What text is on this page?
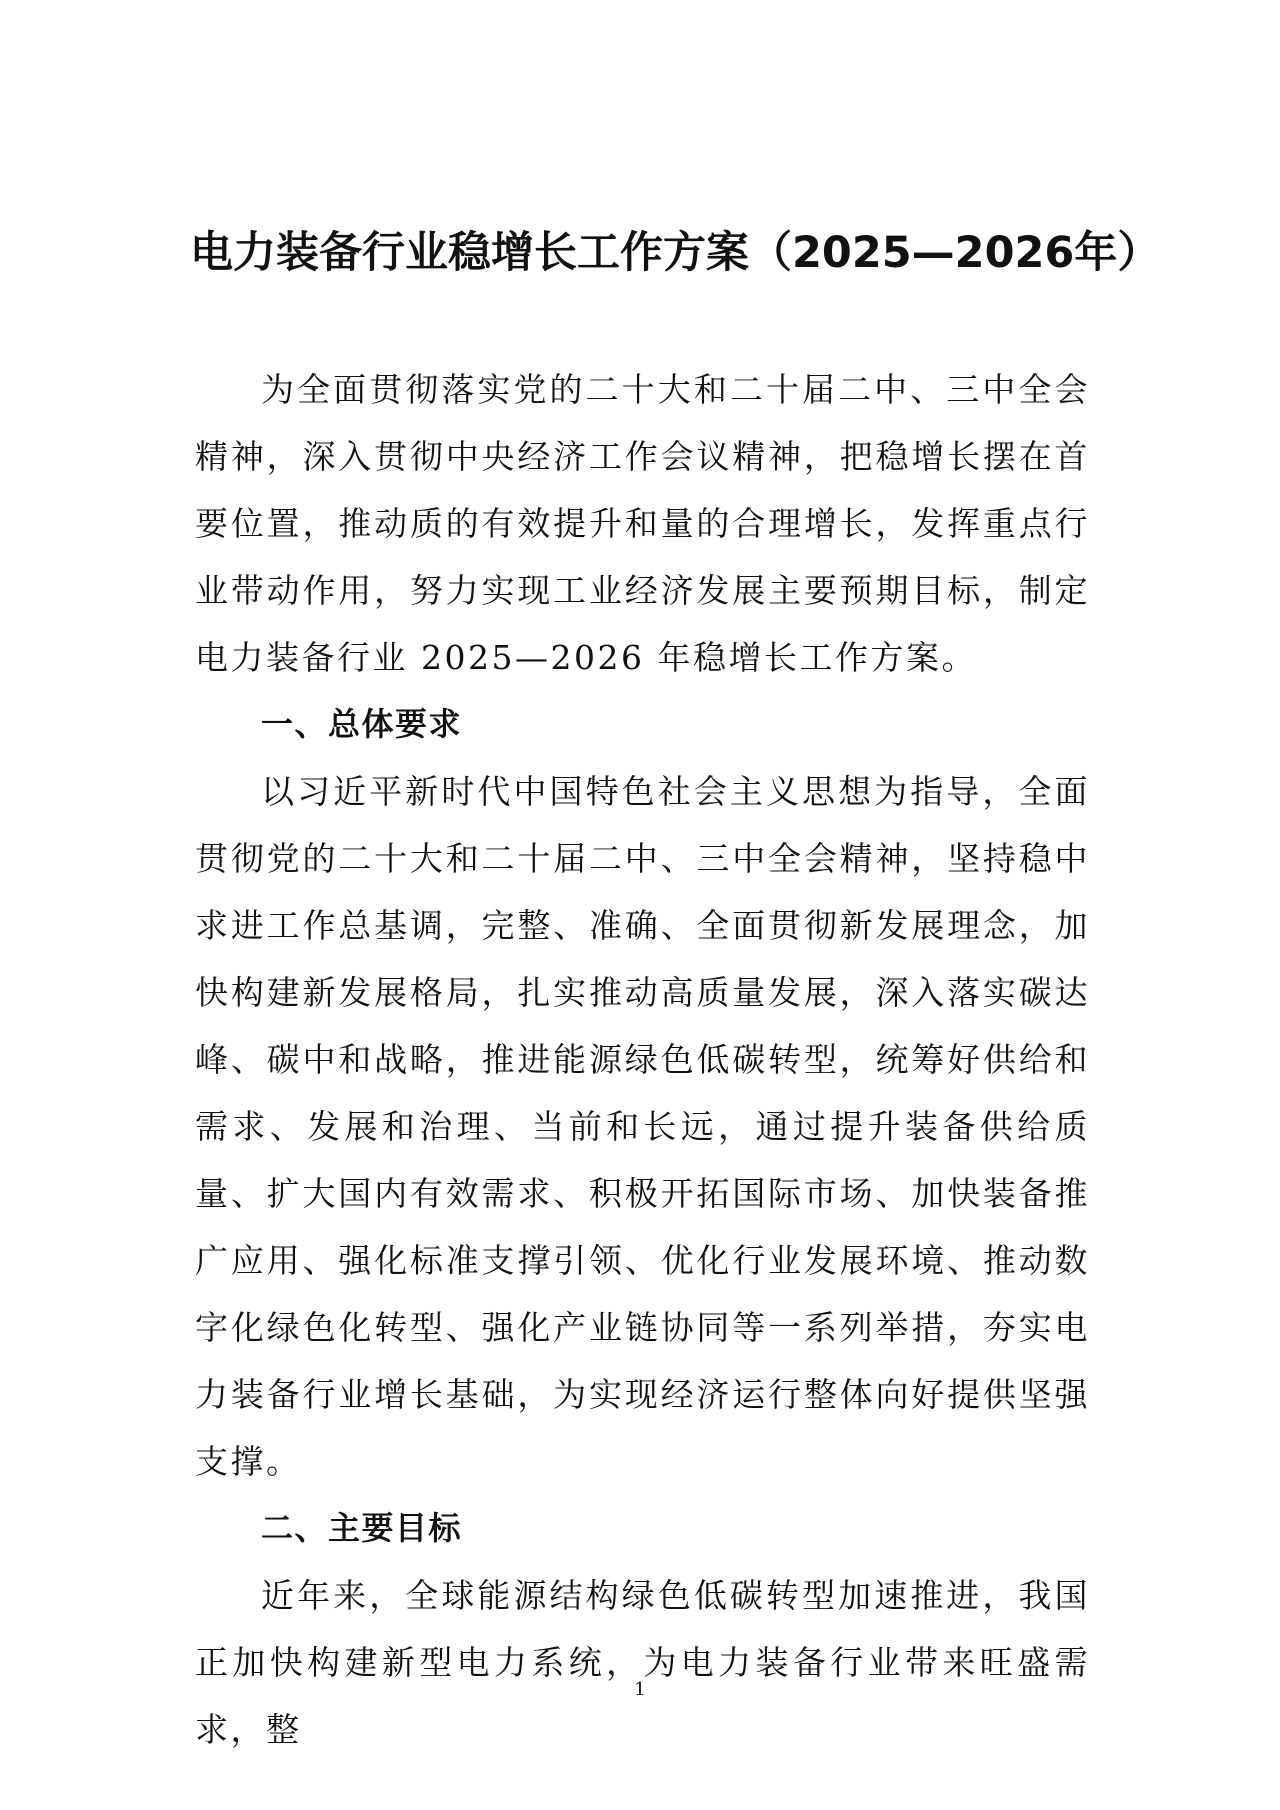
电力装备行业稳增长工作方案（2025—2026年）

为全面贯彻落实党的二十大和二十届二中、三中全会精神，深入贯彻中央经济工作会议精神，把稳增长摆在首要位置，推动质的有效提升和量的合理增长，发挥重点行业带动作用，努力实现工业经济发展主要预期目标，制定电力装备行业 2025—2026 年稳增长工作方案。

一、总体要求

以习近平新时代中国特色社会主义思想为指导，全面贯彻党的二十大和二十届二中、三中全会精神，坚持稳中求进工作总基调，完整、准确、全面贯彻新发展理念，加快构建新发展格局，扎实推动高质量发展，深入落实碳达峰、碳中和战略，推进能源绿色低碳转型，统筹好供给和需求、发展和治理、当前和长远，通过提升装备供给质量、扩大国内有效需求、积极开拓国际市场、加快装备推广应用、强化标准支撑引领、优化行业发展环境、推动数字化绿色化转型、强化产业链协同等一系列举措，夯实电力装备行业增长基础，为实现经济运行整体向好提供坚强支撑。

二、主要目标

近年来，全球能源结构绿色低碳转型加速推进，我国正加快构建新型电力系统，为电力装备行业带来旺盛需求，整

1
